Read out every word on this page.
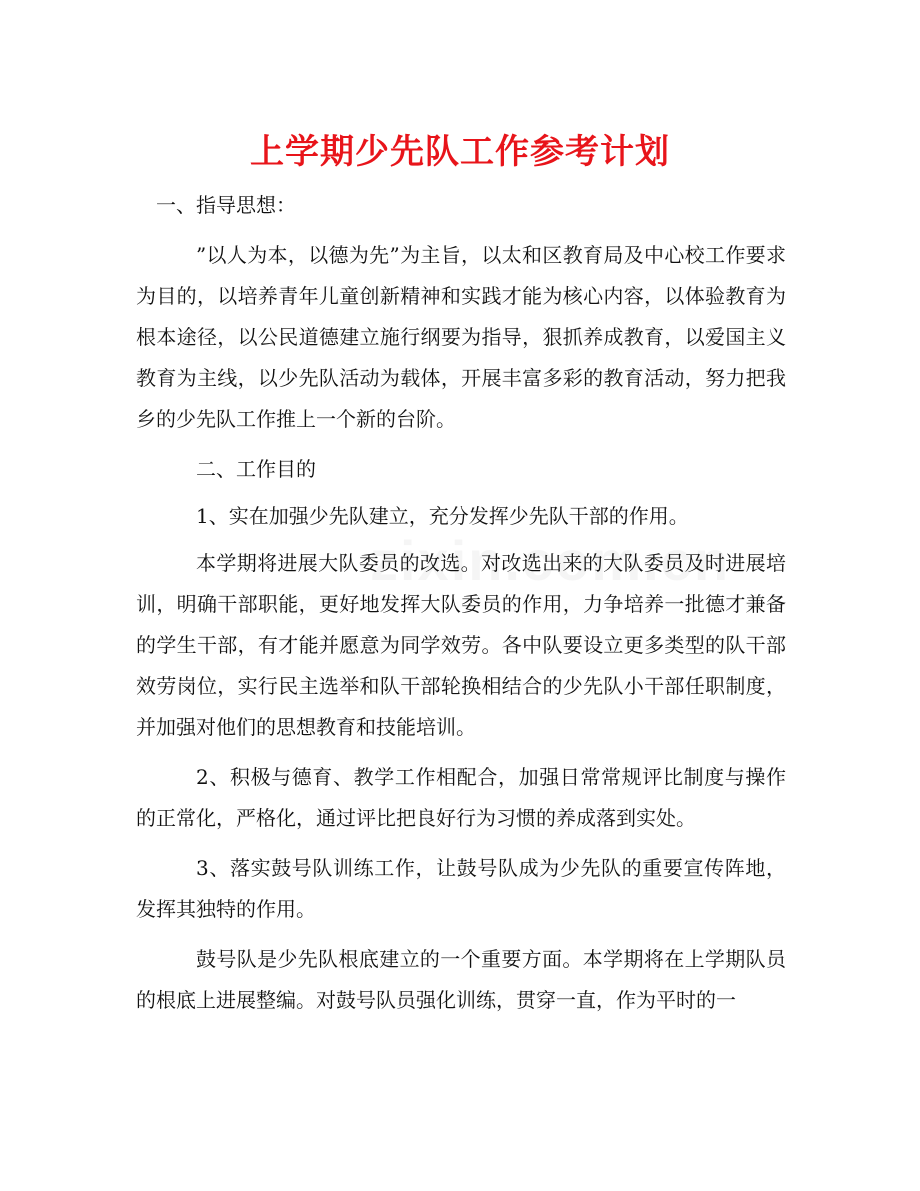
上学期少先队工作参考计划

一、指导思想：

”以人为本，以德为先”为主旨，以太和区教育局及中心校工作要求为目的，以培养青年儿童创新精神和实践才能为核心内容，以体验教育为根本途径，以公民道德建立施行纲要为指导，狠抓养成教育，以爱国主义教育为主线，以少先队活动为载体，开展丰富多彩的教育活动，努力把我乡的少先队工作推上一个新的台阶。

二、工作目的

1、实在加强少先队建立，充分发挥少先队干部的作用。

本学期将进展大队委员的改选。对改选出来的大队委员及时进展培训，明确干部职能，更好地发挥大队委员的作用，力争培养一批德才兼备的学生干部，有才能并愿意为同学效劳。各中队要设立更多类型的队干部效劳岗位，实行民主选举和队干部轮换相结合的少先队小干部任职制度，并加强对他们的思想教育和技能培训。

2、积极与德育、教学工作相配合，加强日常常规评比制度与操作的正常化，严格化，通过评比把良好行为习惯的养成落到实处。

3、落实鼓号队训练工作，让鼓号队成为少先队的重要宣传阵地，发挥其独特的作用。

鼓号队是少先队根底建立的一个重要方面。本学期将在上学期队员的根底上进展整编。对鼓号队员强化训练，贯穿一直，作为平时的一
